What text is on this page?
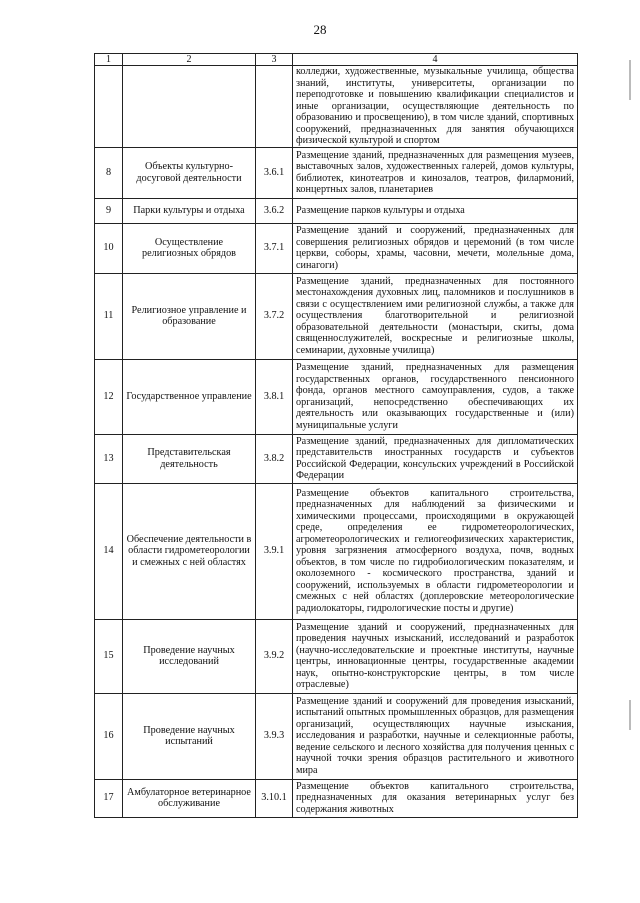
28
1	2	3	4
			колледжи, художественные, музыкальные училища, общества знаний, институты, университеты, организации по переподготовке и повышению квалификации специалистов и иные организации, осуществляющие деятельность по образованию и просвещению), в том числе зданий, спортивных сооружений, предназначенных для занятия обучающихся физической культурой и спортом
8	Объекты культурно-досуговой деятельности	3.6.1	Размещение зданий, предназначенных для размещения музеев, выставочных залов, художественных галерей, домов культуры, библиотек, кинотеатров и кинозалов, театров, филармоний, концертных залов, планетариев
9	Парки культуры и отдыха	3.6.2	Размещение парков культуры и отдыха
10	Осуществление религиозных обрядов	3.7.1	Размещение зданий и сооружений, предназначенных для совершения религиозных обрядов и церемоний (в том числе церкви, соборы, храмы, часовни, мечети, молельные дома, синагоги)
11	Религиозное управление и образование	3.7.2	Размещение зданий, предназначенных для постоянного местонахождения духовных лиц, паломников и послушников в связи с осуществлением ими религиозной службы, а также для осуществления благотворительной и религиозной образовательной деятельности (монастыри, скиты, дома священнослужителей, воскресные и религиозные школы, семинарии, духовные училища)
12	Государственное управление	3.8.1	Размещение зданий, предназначенных для размещения государственных органов, государственного пенсионного фонда, органов местного самоуправления, судов, а также организаций, непосредственно обеспечивающих их деятельность или оказывающих государственные и (или) муниципальные услуги
13	Представительская деятельность	3.8.2	Размещение зданий, предназначенных для дипломатических представительств иностранных государств и субъектов Российской Федерации, консульских учреждений в Российской Федерации
14	Обеспечение деятельности в области гидрометеорологии и смежных с ней областях	3.9.1	Размещение объектов капитального строительства, предназначенных для наблюдений за физическими и химическими процессами, происходящими в окружающей среде, определения ее гидрометеорологических, агрометеорологических и гелиогеофизических характеристик, уровня загрязнения атмосферного воздуха, почв, водных объектов, в том числе по гидробиологическим показателям, и околоземного - космического пространства, зданий и сооружений, используемых в области гидрометеорологии и смежных с ней областях (доплеровские метеорологические радиолокаторы, гидрологические посты и другие)
15	Проведение научных исследований	3.9.2	Размещение зданий и сооружений, предназначенных для проведения научных изысканий, исследований и разработок (научно-исследовательские и проектные институты, научные центры, инновационные центры, государственные академии наук, опытно-конструкторские центры, в том числе отраслевые)
16	Проведение научных испытаний	3.9.3	Размещение зданий и сооружений для проведения изысканий, испытаний опытных промышленных образцов, для размещения организаций, осуществляющих научные изыскания, исследования и разработки, научные и селекционные работы, ведение сельского и лесного хозяйства для получения ценных с научной точки зрения образцов растительного и животного мира
17	Амбулаторное ветеринарное обслуживание	3.10.1	Размещение объектов капитального строительства, предназначенных для оказания ветеринарных услуг без содержания животных
